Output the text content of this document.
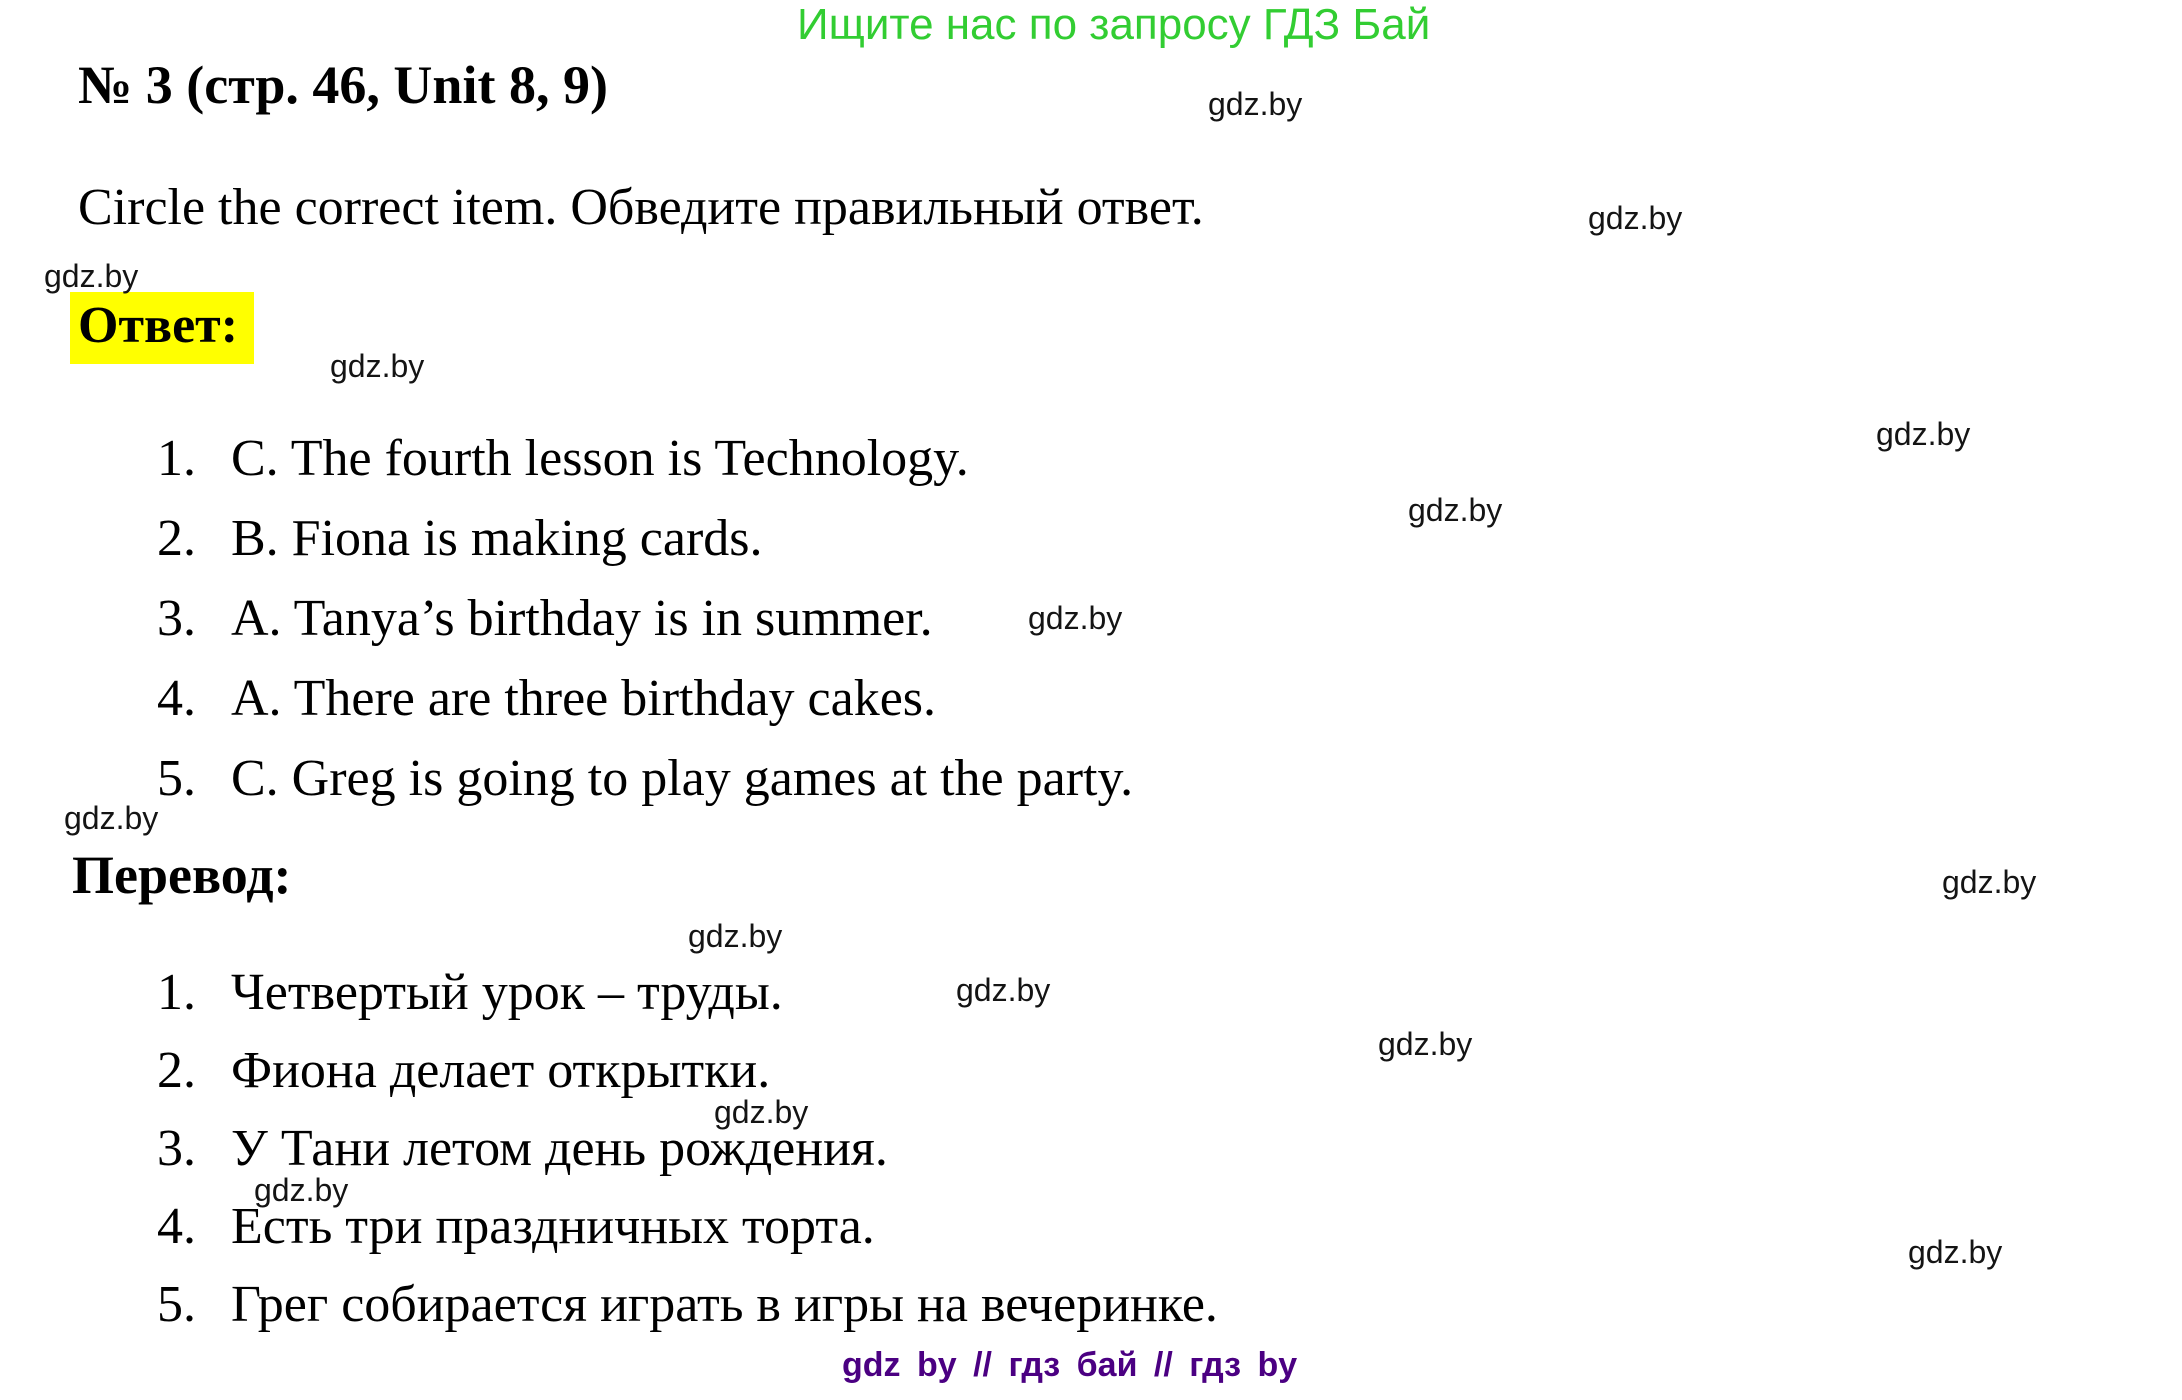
Ищите нас по запросу ГДЗ Бай
№ 3 (стр. 46, Unit 8, 9)
Circle the correct item. Обведите правильный ответ.
Ответ:
1. C. The fourth lesson is Technology.
2. B. Fiona is making cards.
3. A. Tanya’s birthday is in summer.
4. A. There are three birthday cakes.
5. C. Greg is going to play games at the party.
Перевод:
1. Четвертый урок – труды.
2. Фиона делает открытки.
3. У Тани летом день рождения.
4. Есть три праздничных торта.
5. Грег собирается играть в игры на вечеринке.
gdz.by
gdz.by
gdz.by
gdz.by
gdz.by
gdz.by
gdz.by
gdz.by
gdz.by
gdz.by
gdz.by
gdz.by
gdz.by
gdz.by
gdz.by
gdz by // гдз бай // гдз by
